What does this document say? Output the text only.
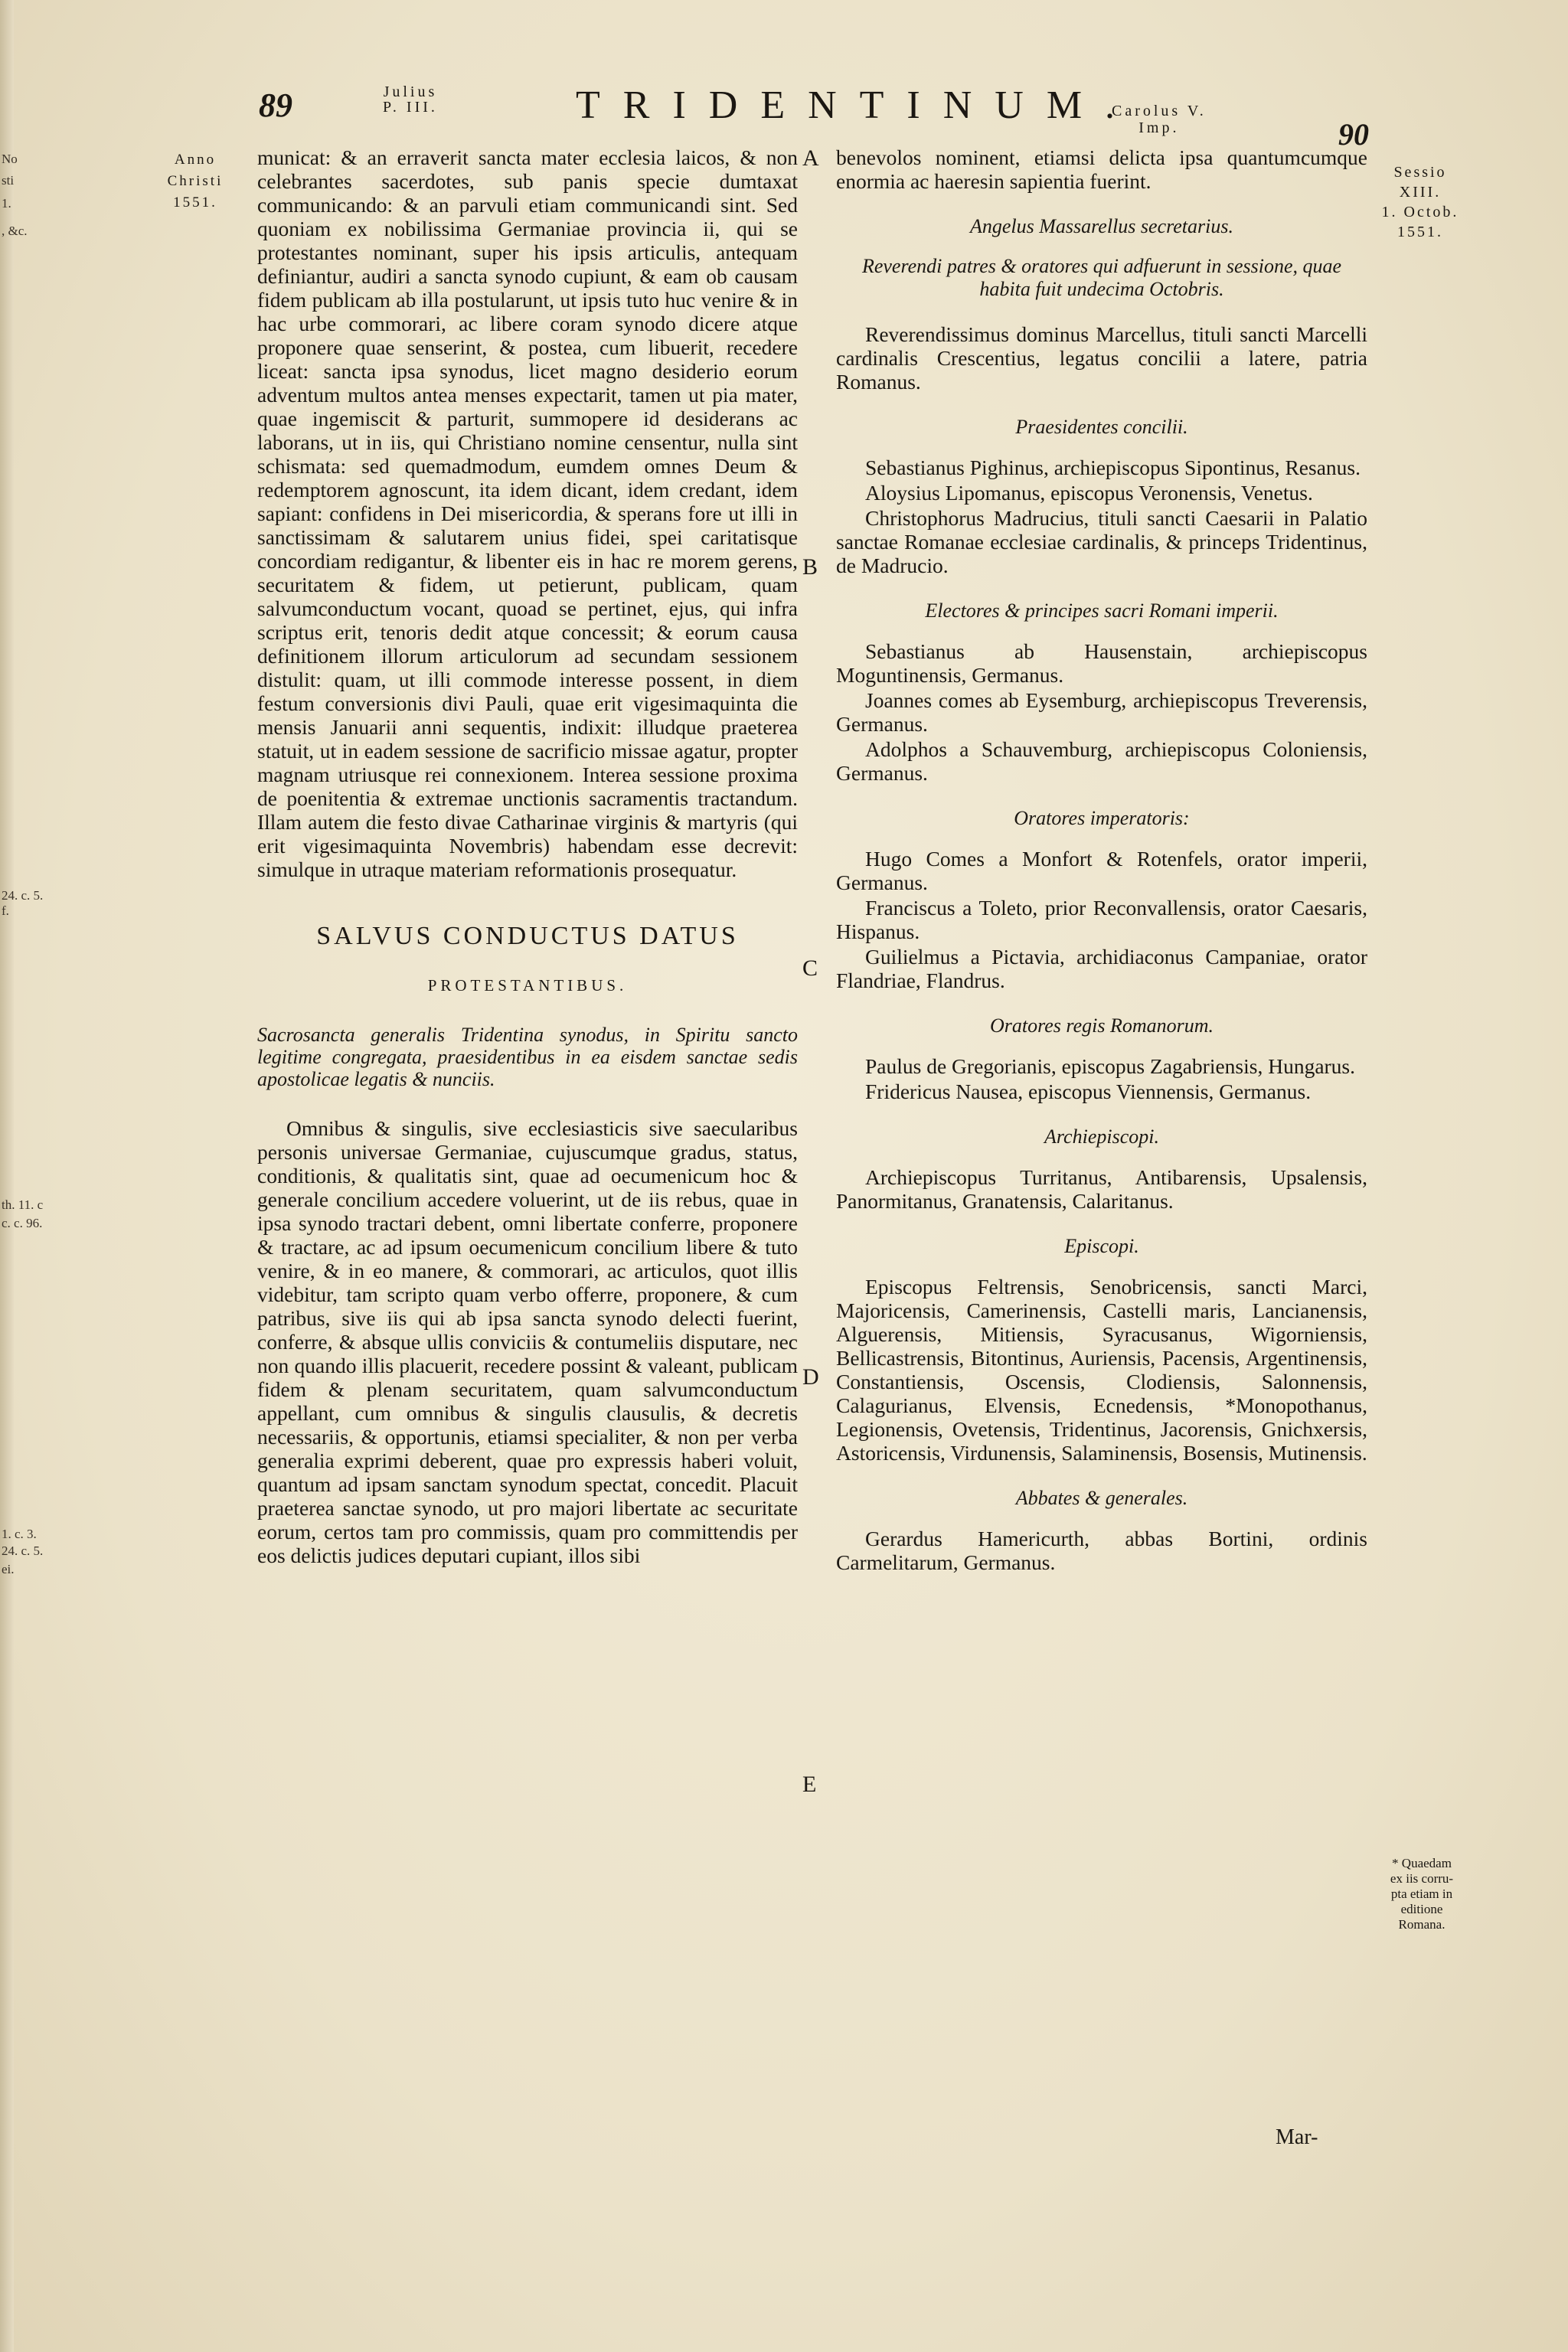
No
sti
1.
, &c.
24. c. 5.
f.
th. 11. c
c. c. 96.
1. c. 3.
24. c. 5.
ei.
89	Julius
P. III.	TRIDENTINUM.
Carolus V.
Imp.	90
Anno
Christi
1551.
Sessio
XIII.
1. Octob.
1551.
* Quaedam
ex iis corru-
pta etiam in
editione
Romana.
A
B
C
D
E

municat: & an erraverit sancta mater ecclesia laicos, & non celebrantes sacerdotes, sub panis specie dumtaxat communicando: & an parvuli etiam communicandi sint. Sed quoniam ex nobilissima Germaniae provincia ii, qui se protestantes nominant, super his ipsis articulis, antequam definiantur, audiri a sancta synodo cupiunt, & eam ob causam fidem publicam ab illa postularunt, ut ipsis tuto huc venire & in hac urbe commorari, ac libere coram synodo dicere atque proponere quae senserint, & postea, cum libuerit, recedere liceat: sancta ipsa synodus, licet magno desiderio eorum adventum multos antea menses expectarit, tamen ut pia mater, quae ingemiscit & parturit, summopere id desiderans ac laborans, ut in iis, qui Christiano nomine censentur, nulla sint schismata: sed quemadmodum, eumdem omnes Deum & redemptorem agnoscunt, ita idem dicant, idem credant, idem sapiant: confidens in Dei misericordia, & sperans fore ut illi in sanctissimam & salutarem unius fidei, spei caritatisque concordiam redigantur, & libenter eis in hac re morem gerens, securitatem & fidem, ut petierunt, publicam, quam salvumconductum vocant, quoad se pertinet, ejus, qui infra scriptus erit, tenoris dedit atque concessit; & eorum causa definitionem illorum articulorum ad secundam sessionem distulit: quam, ut illi commode interesse possent, in diem festum conversionis divi Pauli, quae erit vigesimaquinta die mensis Januarii anni sequentis, indixit: illudque praeterea statuit, ut in eadem sessione de sacrificio missae agatur, propter magnam utriusque rei connexionem. Interea sessione proxima de poenitentia & extremae unctionis sacramentis tractandum. Illam autem die festo divae Catharinae virginis & martyris (qui erit vigesimaquinta Novembris) habendam esse decrevit: simulque in utraque materiam reformationis prosequatur.

SALVUS CONDUCTUS DATUS

PROTESTANTIBUS.

Sacrosancta generalis Tridentina synodus, in Spiritu sancto legitime congregata, praesidentibus in ea eisdem sanctae sedis apostolicae legatis & nunciis.

Omnibus & singulis, sive ecclesiasticis sive saecularibus personis universae Germaniae, cujuscumque gradus, status, conditionis, & qualitatis sint, quae ad oecumenicum hoc & generale concilium accedere voluerint, ut de iis rebus, quae in ipsa synodo tractari debent, omni libertate conferre, proponere & tractare, ac ad ipsum oecumenicum concilium libere & tuto venire, & in eo manere, & commorari, ac articulos, quot illis videbitur, tam scripto quam verbo offerre, proponere, & cum patribus, sive iis qui ab ipsa sancta synodo delecti fuerint, conferre, & absque ullis conviciis & contumeliis disputare, nec non quando illis placuerit, recedere possint & valeant, publicam fidem & plenam securitatem, quam salvumconductum appellant, cum omnibus & singulis clausulis, & decretis necessariis, & opportunis, etiamsi specialiter, & non per verba generalia exprimi deberent, quae pro expressis haberi voluit, quantum ad ipsam sanctam synodum spectat, concedit. Placuit praeterea sanctae synodo, ut pro majori libertate ac securitate eorum, certos tam pro commissis, quam pro committendis per eos delictis judices deputari cupiant, illos sibi

benevolos nominent, etiamsi delicta ipsa quantumcumque enormia ac haeresin sapientia fuerint.

Angelus Massarellus secretarius.

Reverendi patres & oratores qui adfuerunt in sessione, quae habita fuit undecima Octobris.

Reverendissimus dominus Marcellus, tituli sancti Marcelli cardinalis Crescentius, legatus concilii a latere, patria Romanus.

Praesidentes concilii.

Sebastianus Pighinus, archiepiscopus Sipontinus, Resanus.

Aloysius Lipomanus, episcopus Veronensis, Venetus.

Christophorus Madrucius, tituli sancti Caesarii in Palatio sanctae Romanae ecclesiae cardinalis, & princeps Tridentinus, de Madrucio.

Electores & principes sacri Romani imperii.

Sebastianus ab Hausenstain, archiepiscopus Moguntinensis, Germanus.

Joannes comes ab Eysemburg, archiepiscopus Treverensis, Germanus.

Adolphos a Schauvemburg, archiepiscopus Coloniensis, Germanus.

Oratores imperatoris:

Hugo Comes a Monfort & Rotenfels, orator imperii, Germanus.

Franciscus a Toleto, prior Reconvallensis, orator Caesaris, Hispanus.

Guilielmus a Pictavia, archidiaconus Campaniae, orator Flandriae, Flandrus.

Oratores regis Romanorum.

Paulus de Gregorianis, episcopus Zagabriensis, Hungarus.

Fridericus Nausea, episcopus Viennensis, Germanus.

Archiepiscopi.

Archiepiscopus Turritanus, Antibarensis, Upsalensis, Panormitanus, Granatensis, Calaritanus.

Episcopi.

Episcopus Feltrensis, Senobricensis, sancti Marci, Majoricensis, Camerinensis, Castelli maris, Lancianensis, Alguerensis, Mitiensis, Syracusanus, Wigorniensis, Bellicastrensis, Bitontinus, Auriensis, Pacensis, Argentinensis, Constantiensis, Oscensis, Clodiensis, Salonnensis, Calagurianus, Elvensis, Ecnedensis, *Monopothanus, Legionensis, Ovetensis, Tridentinus, Jacorensis, Gnichxersis, Astoricensis, Virdunensis, Salaminensis, Bosensis, Mutinensis.

Abbates & generales.

Gerardus Hamericurth, abbas Bortini, ordinis Carmelitarum, Germanus.

Mar-
